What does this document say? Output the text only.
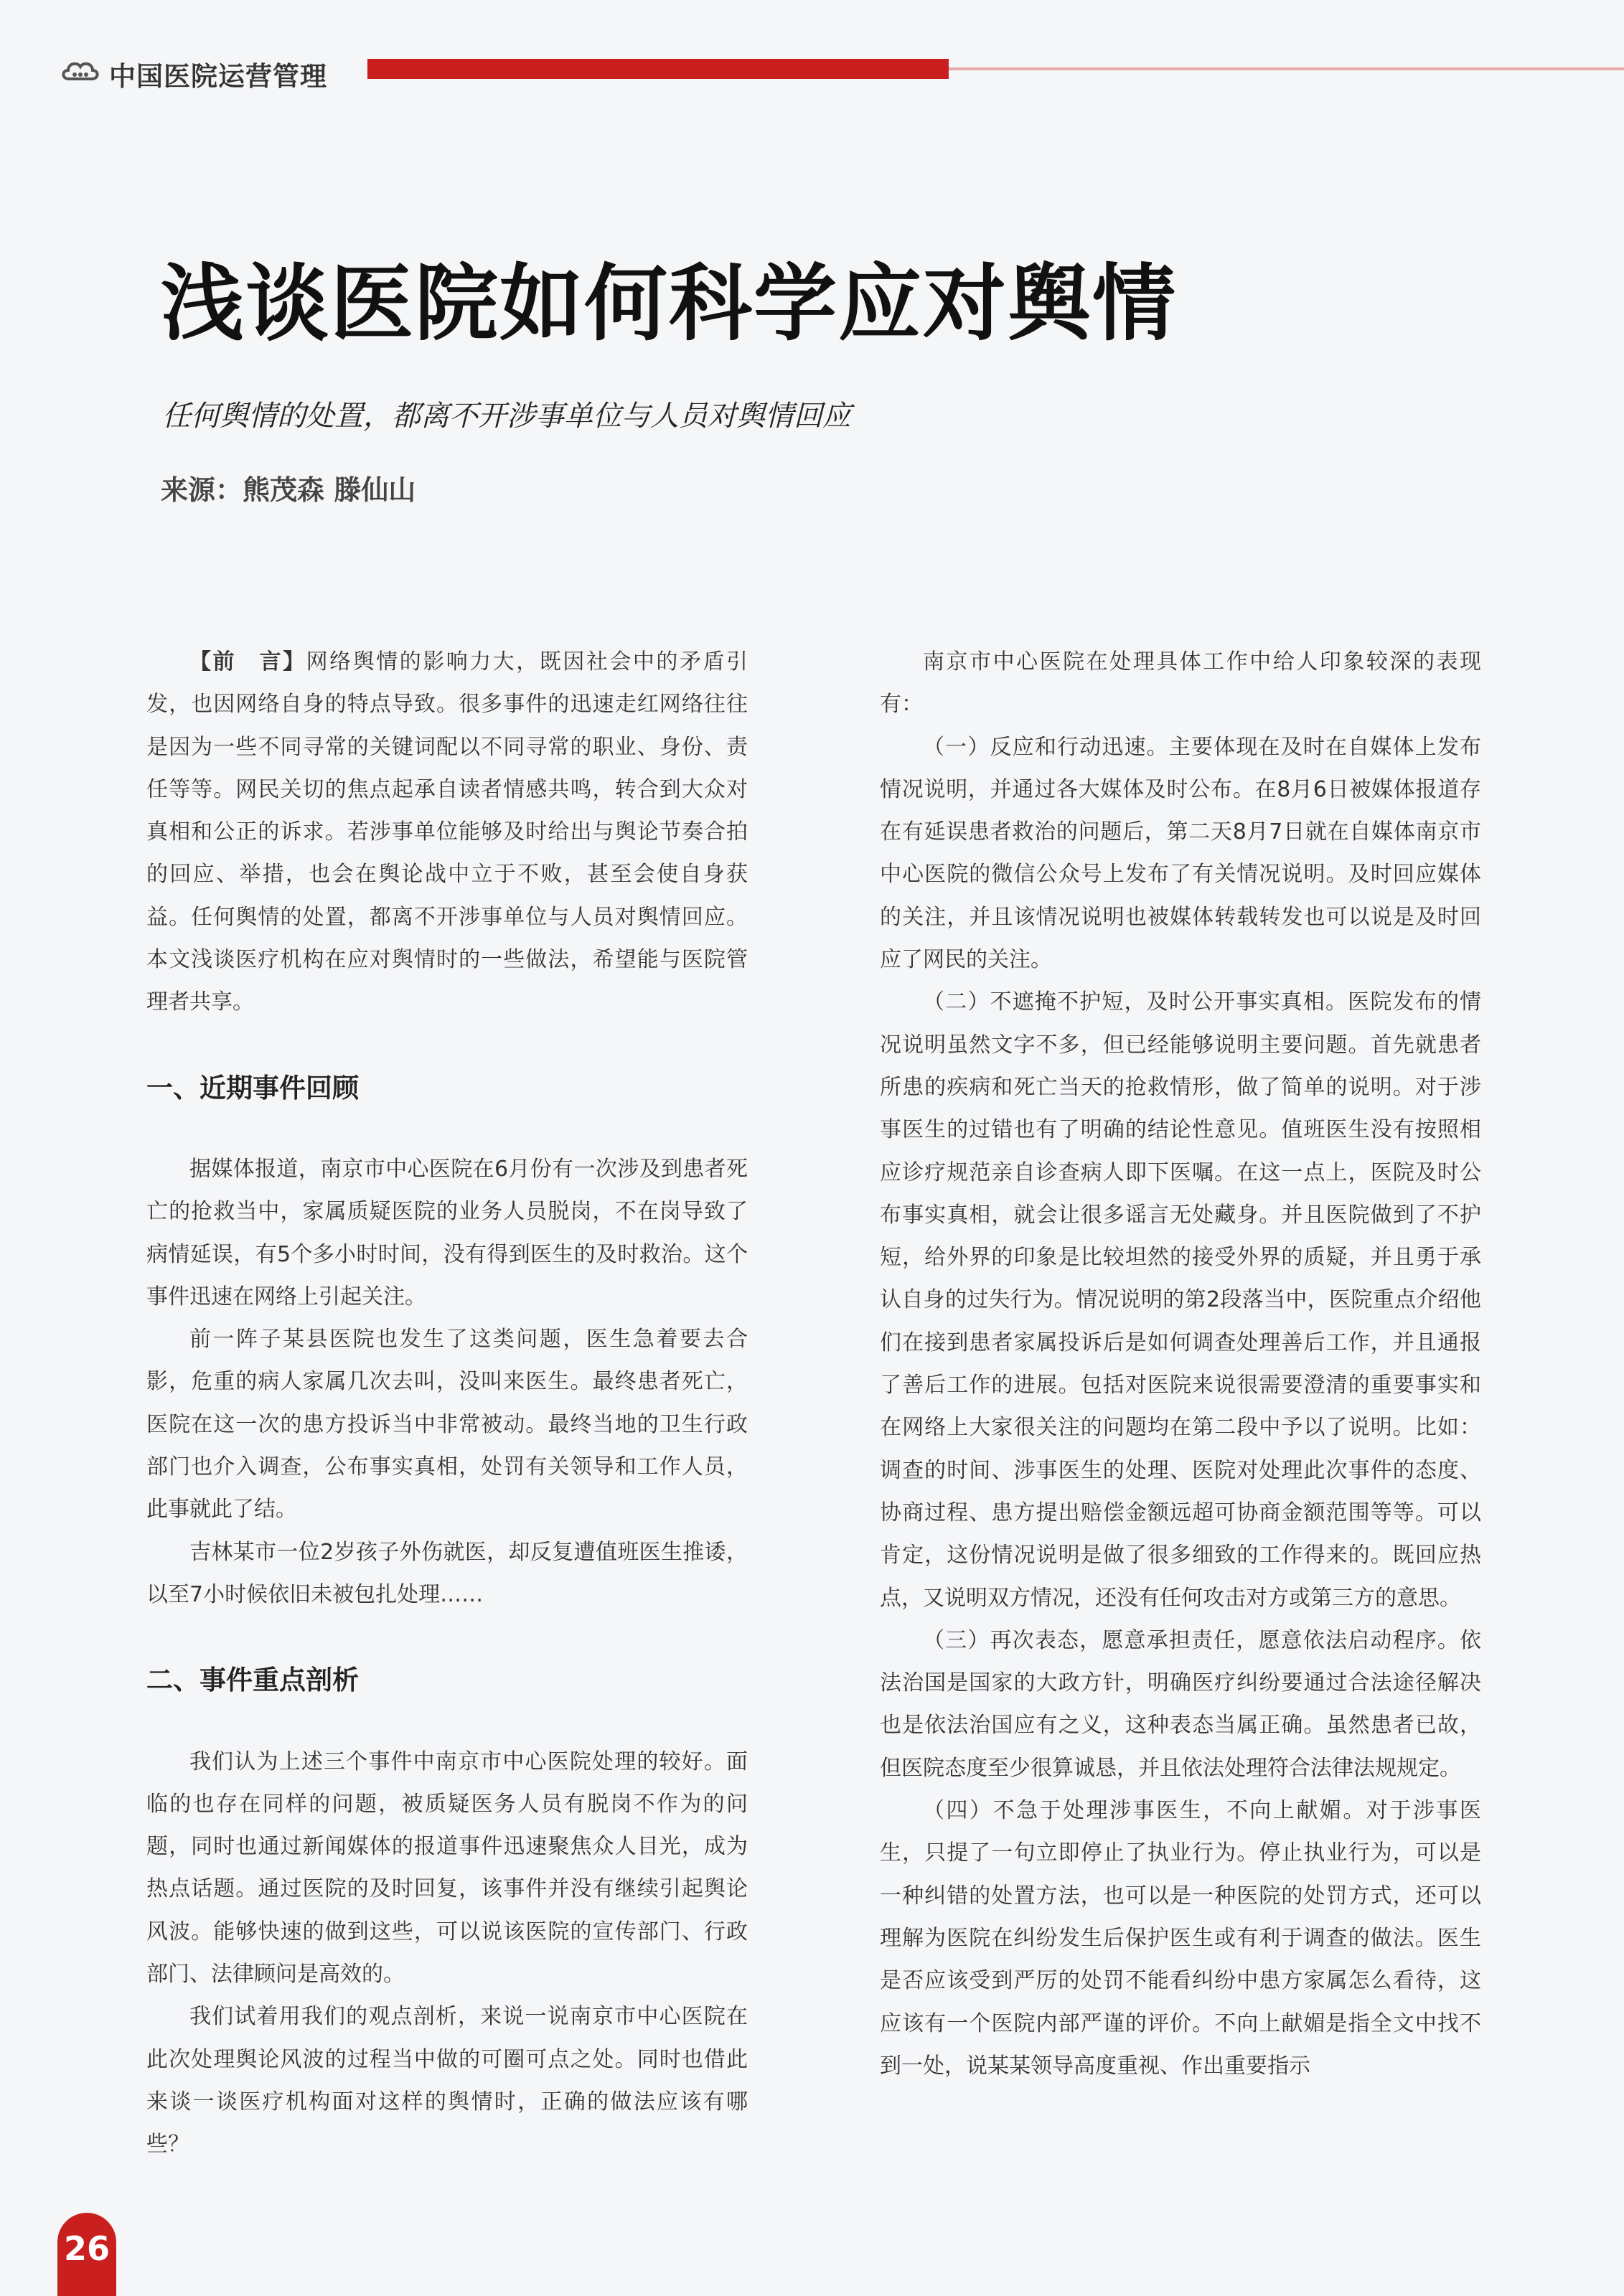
中国医院运营管理
浅谈医院如何科学应对舆情
任何舆情的处置，都离不开涉事单位与人员对舆情回应
来源：熊茂森 滕仙山

【前　言】网络舆情的影响力大，既因社会中的矛盾引发，也因网络自身的特点导致。很多事件的迅速走红网络往往是因为一些不同寻常的关键词配以不同寻常的职业、身份、责任等等。网民关切的焦点起承自读者情感共鸣，转合到大众对真相和公正的诉求。若涉事单位能够及时给出与舆论节奏合拍的回应、举措，也会在舆论战中立于不败，甚至会使自身获益。任何舆情的处置，都离不开涉事单位与人员对舆情回应。本文浅谈医疗机构在应对舆情时的一些做法，希望能与医院管理者共享。

一、近期事件回顾

据媒体报道，南京市中心医院在6月份有一次涉及到患者死亡的抢救当中，家属质疑医院的业务人员脱岗，不在岗导致了病情延误，有5个多小时时间，没有得到医生的及时救治。这个事件迅速在网络上引起关注。

前一阵子某县医院也发生了这类问题，医生急着要去合影，危重的病人家属几次去叫，没叫来医生。最终患者死亡，医院在这一次的患方投诉当中非常被动。最终当地的卫生行政部门也介入调查，公布事实真相，处罚有关领导和工作人员，此事就此了结。

吉林某市一位2岁孩子外伤就医，却反复遭值班医生推诿，以至7小时候依旧未被包扎处理……

二、事件重点剖析

我们认为上述三个事件中南京市中心医院处理的较好。面临的也存在同样的问题，被质疑医务人员有脱岗不作为的问题，同时也通过新闻媒体的报道事件迅速聚焦众人目光，成为热点话题。通过医院的及时回复，该事件并没有继续引起舆论风波。能够快速的做到这些，可以说该医院的宣传部门、行政部门、法律顾问是高效的。

我们试着用我们的观点剖析，来说一说南京市中心医院在此次处理舆论风波的过程当中做的可圈可点之处。同时也借此来谈一谈医疗机构面对这样的舆情时，正确的做法应该有哪些？

南京市中心医院在处理具体工作中给人印象较深的表现有：

（一）反应和行动迅速。主要体现在及时在自媒体上发布情况说明，并通过各大媒体及时公布。在8月6日被媒体报道存在有延误患者救治的问题后，第二天8月7日就在自媒体南京市中心医院的微信公众号上发布了有关情况说明。及时回应媒体的关注，并且该情况说明也被媒体转载转发也可以说是及时回应了网民的关注。

（二）不遮掩不护短，及时公开事实真相。医院发布的情况说明虽然文字不多，但已经能够说明主要问题。首先就患者所患的疾病和死亡当天的抢救情形，做了简单的说明。对于涉事医生的过错也有了明确的结论性意见。值班医生没有按照相应诊疗规范亲自诊查病人即下医嘱。在这一点上，医院及时公布事实真相，就会让很多谣言无处藏身。并且医院做到了不护短，给外界的印象是比较坦然的接受外界的质疑，并且勇于承认自身的过失行为。情况说明的第2段落当中，医院重点介绍他们在接到患者家属投诉后是如何调查处理善后工作，并且通报了善后工作的进展。包括对医院来说很需要澄清的重要事实和在网络上大家很关注的问题均在第二段中予以了说明。比如：调查的时间、涉事医生的处理、医院对处理此次事件的态度、协商过程、患方提出赔偿金额远超可协商金额范围等等。可以肯定，这份情况说明是做了很多细致的工作得来的。既回应热点，又说明双方情况，还没有任何攻击对方或第三方的意思。

（三）再次表态，愿意承担责任，愿意依法启动程序。依法治国是国家的大政方针，明确医疗纠纷要通过合法途径解决也是依法治国应有之义，这种表态当属正确。虽然患者已故，但医院态度至少很算诚恳，并且依法处理符合法律法规规定。

（四）不急于处理涉事医生，不向上献媚。对于涉事医生，只提了一句立即停止了执业行为。停止执业行为，可以是一种纠错的处置方法，也可以是一种医院的处罚方式，还可以理解为医院在纠纷发生后保护医生或有利于调查的做法。医生是否应该受到严厉的处罚不能看纠纷中患方家属怎么看待，这应该有一个医院内部严谨的评价。不向上献媚是指全文中找不到一处，说某某领导高度重视、作出重要指示

26
